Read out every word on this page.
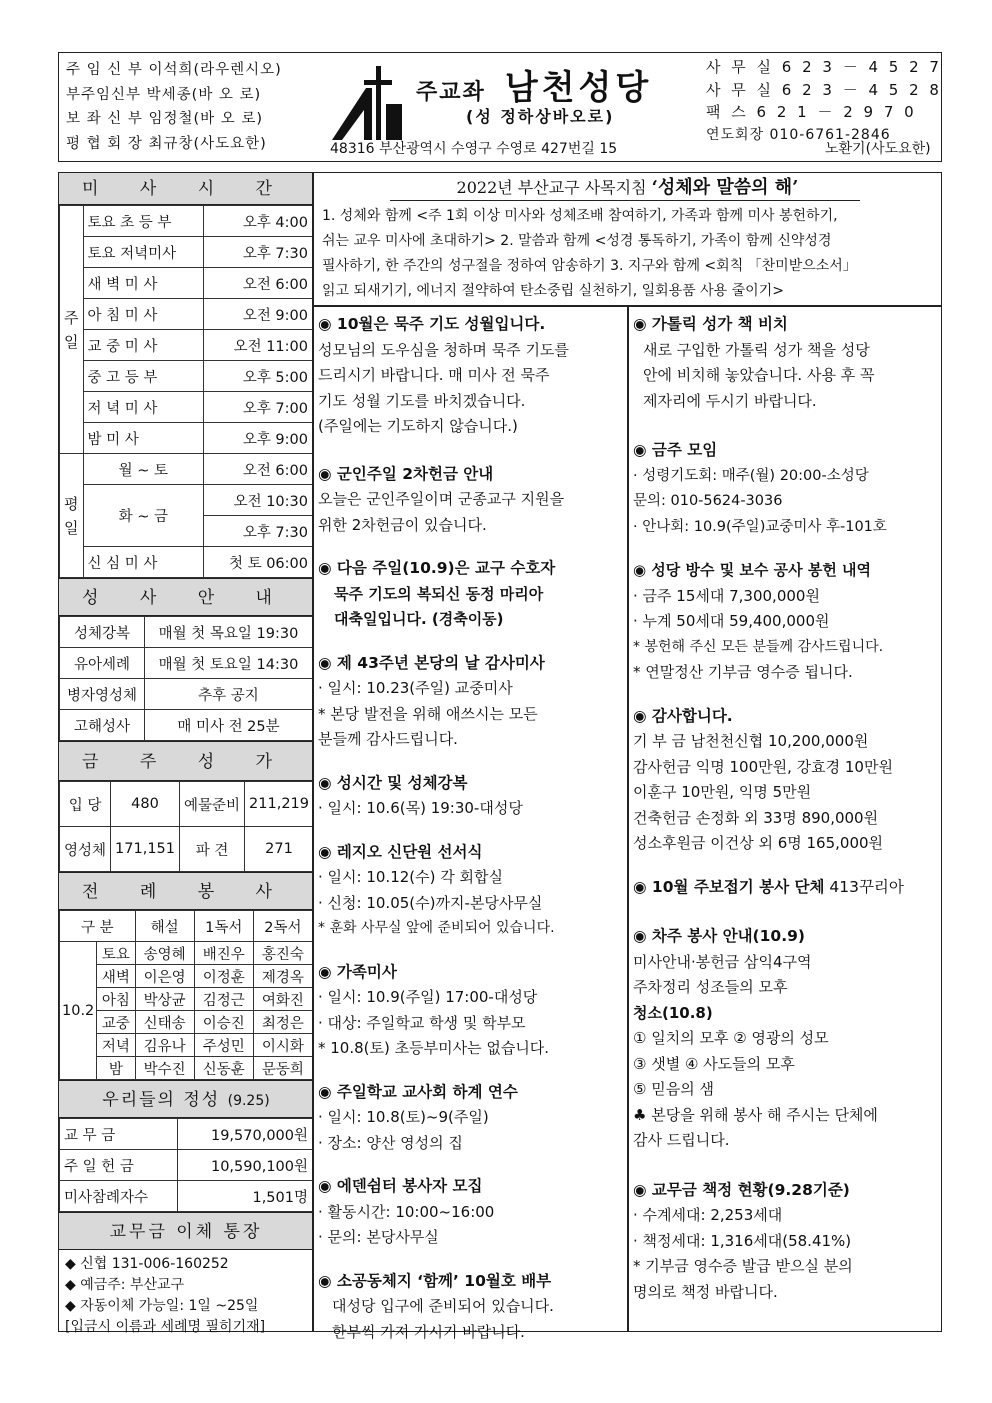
주 임 신 부 이석희(라우렌시오)
부주임신부 박세종(바 오 로)
보 좌 신 부 임정철(바 오 로)
평 협 회 장 최규창(사도요한)
주교좌 남천성당
(성 정하상바오로)
48316 부산광역시 수영구 수영로 427번길 15
사 무 실 6 2 3 － 4 5 2 7
사 무 실 6 2 3 － 4 5 2 8
팩 스 6 2 1 － 2 9 7 0
연도회장 010-6761-2846
노환기(사도요한)
미 사 시 간
주일	토요 초 등 부	오후 4:00
	토요 저녁미사	오후 7:30
	새 벽 미 사	오전 6:00
	아 침 미 사	오전 9:00
	교 중 미 사	오전 11:00
	중 고 등 부	오후 5:00
	저 녁 미 사	오후 7:00
	밤 미 사	오후 9:00
평일	월 ~ 토	오전 6:00
	화 ~ 금	오전 10:30
		오후 7:30
	신 심 미 사	첫 토 06:00
성 사 안 내
성체강복	매월 첫 목요일 19:30
유아세례	매월 첫 토요일 14:30
병자영성체	추후 공지
고해성사	매 미사 전 25분
금 주 성 가
입 당	480	예물준비	211,219
영성체	171,151	파 견	271
전 례 봉 사
구 분		해설	1독서	2독서
10.2	토요	송영혜	배진우	홍진숙
	새벽	이은영	이정훈	제경옥
	아침	박상균	김정근	여화진
	교중	신태송	이승진	최정은
	저녁	김유나	주성민	이시화
	밤	박수진	신동훈	문동희
우리들의 정성 (9.25)
교 무 금	19,570,000원
주 일 헌 금	10,590,100원
미사참례자수	1,501명
교무금 이체 통장
◆ 신협 131-006-160252
◆ 예금주: 부산교구
◆ 자동이체 가능일: 1일 ~25일
[입금시 이름과 세례명 필히기재]
2022년 부산교구 사목지침 ‘성체와 말씀의 해’
1. 성체와 함께 <주 1회 이상 미사와 성체조배 참여하기, 가족과 함께 미사 봉헌하기,
쉬는 교우 미사에 초대하기> 2. 말씀과 함께 <성경 통독하기, 가족이 함께 신약성경
필사하기, 한 주간의 성구절을 정하여 암송하기 3. 지구와 함께 <회칙 「찬미받으소서」
읽고 되새기기, 에너지 절약하여 탄소중립 실천하기, 일회용품 사용 줄이기>
◉ 10월은 묵주 기도 성월입니다.
성모님의 도우심을 청하며 묵주 기도를
드리시기 바랍니다. 매 미사 전 묵주
기도 성월 기도를 바치겠습니다.
(주일에는 기도하지 않습니다.)
◉ 군인주일 2차헌금 안내
오늘은 군인주일이며 군종교구 지원을
위한 2차헌금이 있습니다.
◉ 다음 주일(10.9)은 교구 수호자
묵주 기도의 복되신 동정 마리아
대축일입니다. (경축이동)
◉ 제 43주년 본당의 날 감사미사
· 일시: 10.23(주일) 교중미사
* 본당 발전을 위해 애쓰시는 모든
분들께 감사드립니다.
◉ 성시간 및 성체강복
· 일시: 10.6(목) 19:30-대성당
◉ 레지오 신단원 선서식
· 일시: 10.12(수) 각 회합실
· 신청: 10.05(수)까지-본당사무실
* 훈화 사무실 앞에 준비되어 있습니다.
◉ 가족미사
· 일시: 10.9(주일) 17:00-대성당
· 대상: 주일학교 학생 및 학부모
* 10.8(토) 초등부미사는 없습니다.
◉ 주일학교 교사회 하계 연수
· 일시: 10.8(토)~9(주일)
· 장소: 양산 영성의 집
◉ 에덴쉼터 봉사자 모집
· 활동시간: 10:00~16:00
· 문의: 본당사무실
◉ 소공동체지 ‘함께’ 10월호 배부
대성당 입구에 준비되어 있습니다.
한부씩 가져 가시기 바랍니다.
◉ 가톨릭 성가 책 비치
새로 구입한 가톨릭 성가 책을 성당
안에 비치해 놓았습니다. 사용 후 꼭
제자리에 두시기 바랍니다.
◉ 금주 모임
· 성령기도회: 매주(월) 20:00-소성당
문의: 010-5624-3036
· 안나회: 10.9(주일)교중미사 후-101호
◉ 성당 방수 및 보수 공사 봉헌 내역
· 금주 15세대 7,300,000원
· 누계 50세대 59,400,000원
* 봉헌해 주신 모든 분들께 감사드립니다.
* 연말정산 기부금 영수증 됩니다.
◉ 감사합니다.
기 부 금 남천천신협 10,200,000원
감사헌금 익명 100만원, 강효경 10만원
이훈구 10만원, 익명 5만원
건축헌금 손정화 외 33명 890,000원
성소후원금 이건상 외 6명 165,000원
◉ 10월 주보접기 봉사 단체 413꾸리아
◉ 차주 봉사 안내(10.9)
미사안내·봉헌금 삼익4구역
주차정리 성조들의 모후
청소(10.8)
① 일치의 모후 ② 영광의 성모
③ 샛별 ④ 사도들의 모후
⑤ 믿음의 샘
♣ 본당을 위해 봉사 해 주시는 단체에
감사 드립니다.
◉ 교무금 책정 현황(9.28기준)
· 수계세대: 2,253세대
· 책정세대: 1,316세대(58.41%)
* 기부금 영수증 발급 받으실 분의
명의로 책정 바랍니다.
